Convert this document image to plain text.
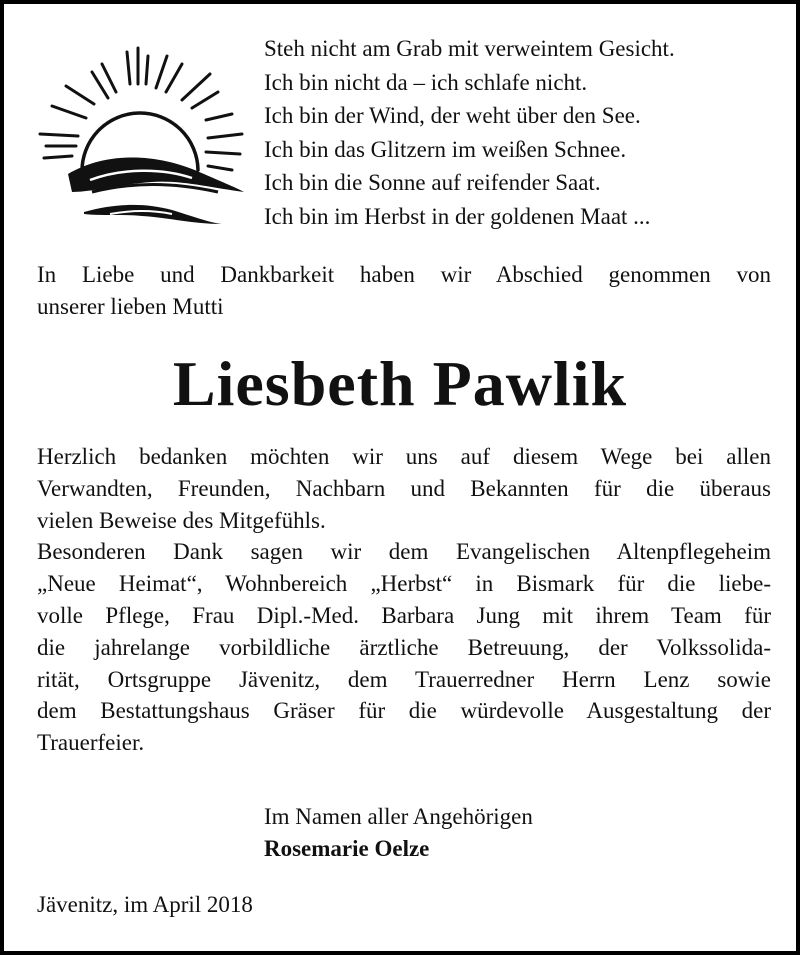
Steh nicht am Grab mit verweintem Gesicht.
Ich bin nicht da – ich schlafe nicht.
Ich bin der Wind, der weht über den See.
Ich bin das Glitzern im weißen Schnee.
Ich bin die Sonne auf reifender Saat.
Ich bin im Herbst in der goldenen Maat ...
In Liebe und Dankbarkeit haben wir Abschied genommen von
unserer lieben Mutti
Liesbeth Pawlik
Herzlich bedanken möchten wir uns auf diesem Wege bei allen
Verwandten, Freunden, Nachbarn und Bekannten für die überaus
vielen Beweise des Mitgefühls.
Besonderen Dank sagen wir dem Evangelischen Altenpflegeheim
„Neue Heimat“, Wohnbereich „Herbst“ in Bismark für die liebe-
volle Pflege, Frau Dipl.-Med. Barbara Jung mit ihrem Team für
die jahrelange vorbildliche ärztliche Betreuung, der Volkssolida-
rität, Ortsgruppe Jävenitz, dem Trauerredner Herrn Lenz sowie
dem Bestattungshaus Gräser für die würdevolle Ausgestaltung der
Trauerfeier.
Im Namen aller Angehörigen
Rosemarie Oelze
Jävenitz, im April 2018
